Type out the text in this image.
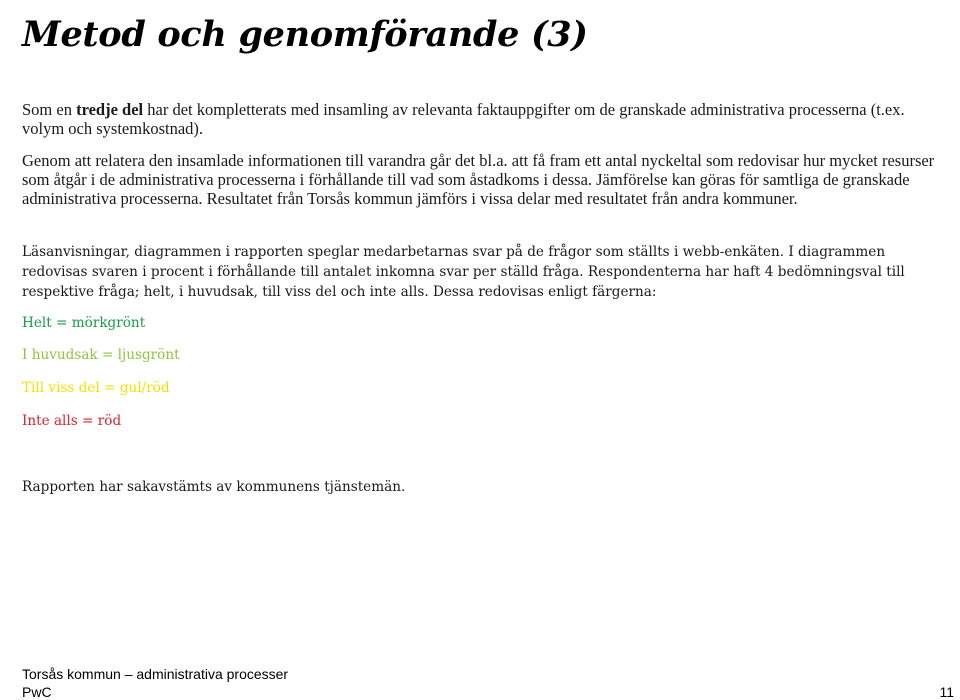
Metod och genomförande (3)

Som en tredje del har det kompletterats med insamling av relevanta faktauppgifter om de granskade administrativa processerna (t.ex. volym och systemkostnad).

Genom att relatera den insamlade informationen till varandra går det bl.a. att få fram ett antal nyckeltal som redovisar hur mycket resurser som åtgår i de administrativa processerna i förhållande till vad som åstadkoms i dessa. Jämförelse kan göras för samtliga de granskade administrativa processerna. Resultatet från Torsås kommun jämförs i vissa delar med resultatet från andra kommuner.

Läsanvisningar, diagrammen i rapporten speglar medarbetarnas svar på de frågor som ställts i webb-enkäten. I diagrammen redovisas svaren i procent i förhållande till antalet inkomna svar per ställd fråga. Respondenterna har haft 4 bedömningsval till respektive fråga; helt, i huvudsak, till viss del och inte alls. Dessa redovisas enligt färgerna:

Helt = mörkgrönt

I huvudsak = ljusgrönt

Till viss del = gul/röd

Inte alls = röd

Rapporten har sakavstämts av kommunens tjänstemän.

Torsås kommun – administrativa processer

PwC	11
